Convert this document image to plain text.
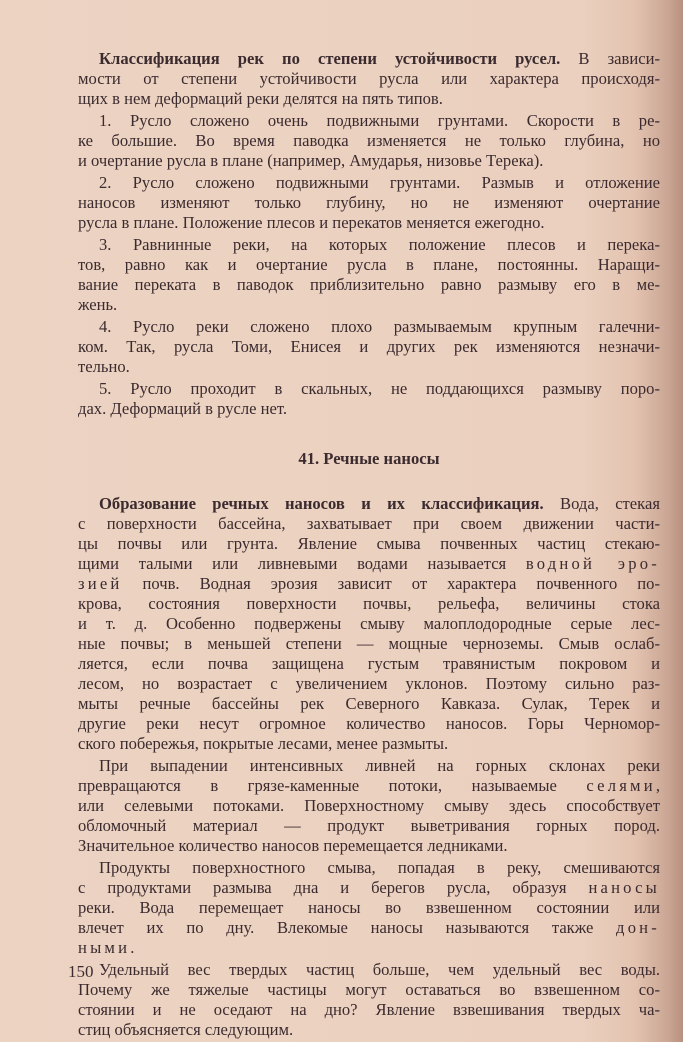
Классификация рек по степени устойчивости русел. В зависи-
мости от степени устойчивости русла или характера происходя-
щих в нем деформаций реки делятся на пять типов.
1. Русло сложено очень подвижными грунтами. Скорости в ре-
ке большие. Во время паводка изменяется не только глубина, но
и очертание русла в плане (например, Амударья, низовье Терека).
2. Русло сложено подвижными грунтами. Размыв и отложение
наносов изменяют только глубину, но не изменяют очертание
русла в плане. Положение плесов и перекатов меняется ежегодно.
3. Равнинные реки, на которых положение плесов и перека-
тов, равно как и очертание русла в плане, постоянны. Наращи-
вание переката в паводок приблизительно равно размыву его в ме-
жень.
4. Русло реки сложено плохо размываемым крупным галечни-
ком. Так, русла Томи, Енисея и других рек изменяются незначи-
тельно.
5. Русло проходит в скальных, не поддающихся размыву поро-
дах. Деформаций в русле нет.
41. Речные наносы
Образование речных наносов и их классификация. Вода, стекая
с поверхности бассейна, захватывает при своем движении части-
цы почвы или грунта. Явление смыва почвенных частиц стекаю-
щими талыми или ливневыми водами называется водной эро-
зией почв. Водная эрозия зависит от характера почвенного по-
крова, состояния поверхности почвы, рельефа, величины стока
и т. д. Особенно подвержены смыву малоплодородные серые лес-
ные почвы; в меньшей степени — мощные черноземы. Смыв ослаб-
ляется, если почва защищена густым травянистым покровом и
лесом, но возрастает с увеличением уклонов. Поэтому сильно раз-
мыты речные бассейны рек Северного Кавказа. Сулак, Терек и
другие реки несут огромное количество наносов. Горы Черномор-
ского побережья, покрытые лесами, менее размыты.
При выпадении интенсивных ливней на горных склонах реки
превращаются в грязе-каменные потоки, называемые селями,
или селевыми потоками. Поверхностному смыву здесь способствует
обломочный материал — продукт выветривания горных пород.
Значительное количество наносов перемещается ледниками.
Продукты поверхностного смыва, попадая в реку, смешиваются
с продуктами размыва дна и берегов русла, образуя наносы
реки. Вода перемещает наносы во взвешенном состоянии или
влечет их по дну. Влекомые наносы называются также дон-
ными.
Удельный вес твердых частиц больше, чем удельный вес воды.
Почему же тяжелые частицы могут оставаться во взвешенном со-
стоянии и не оседают на дно? Явление взвешивания твердых ча-
стиц объясняется следующим.
150
